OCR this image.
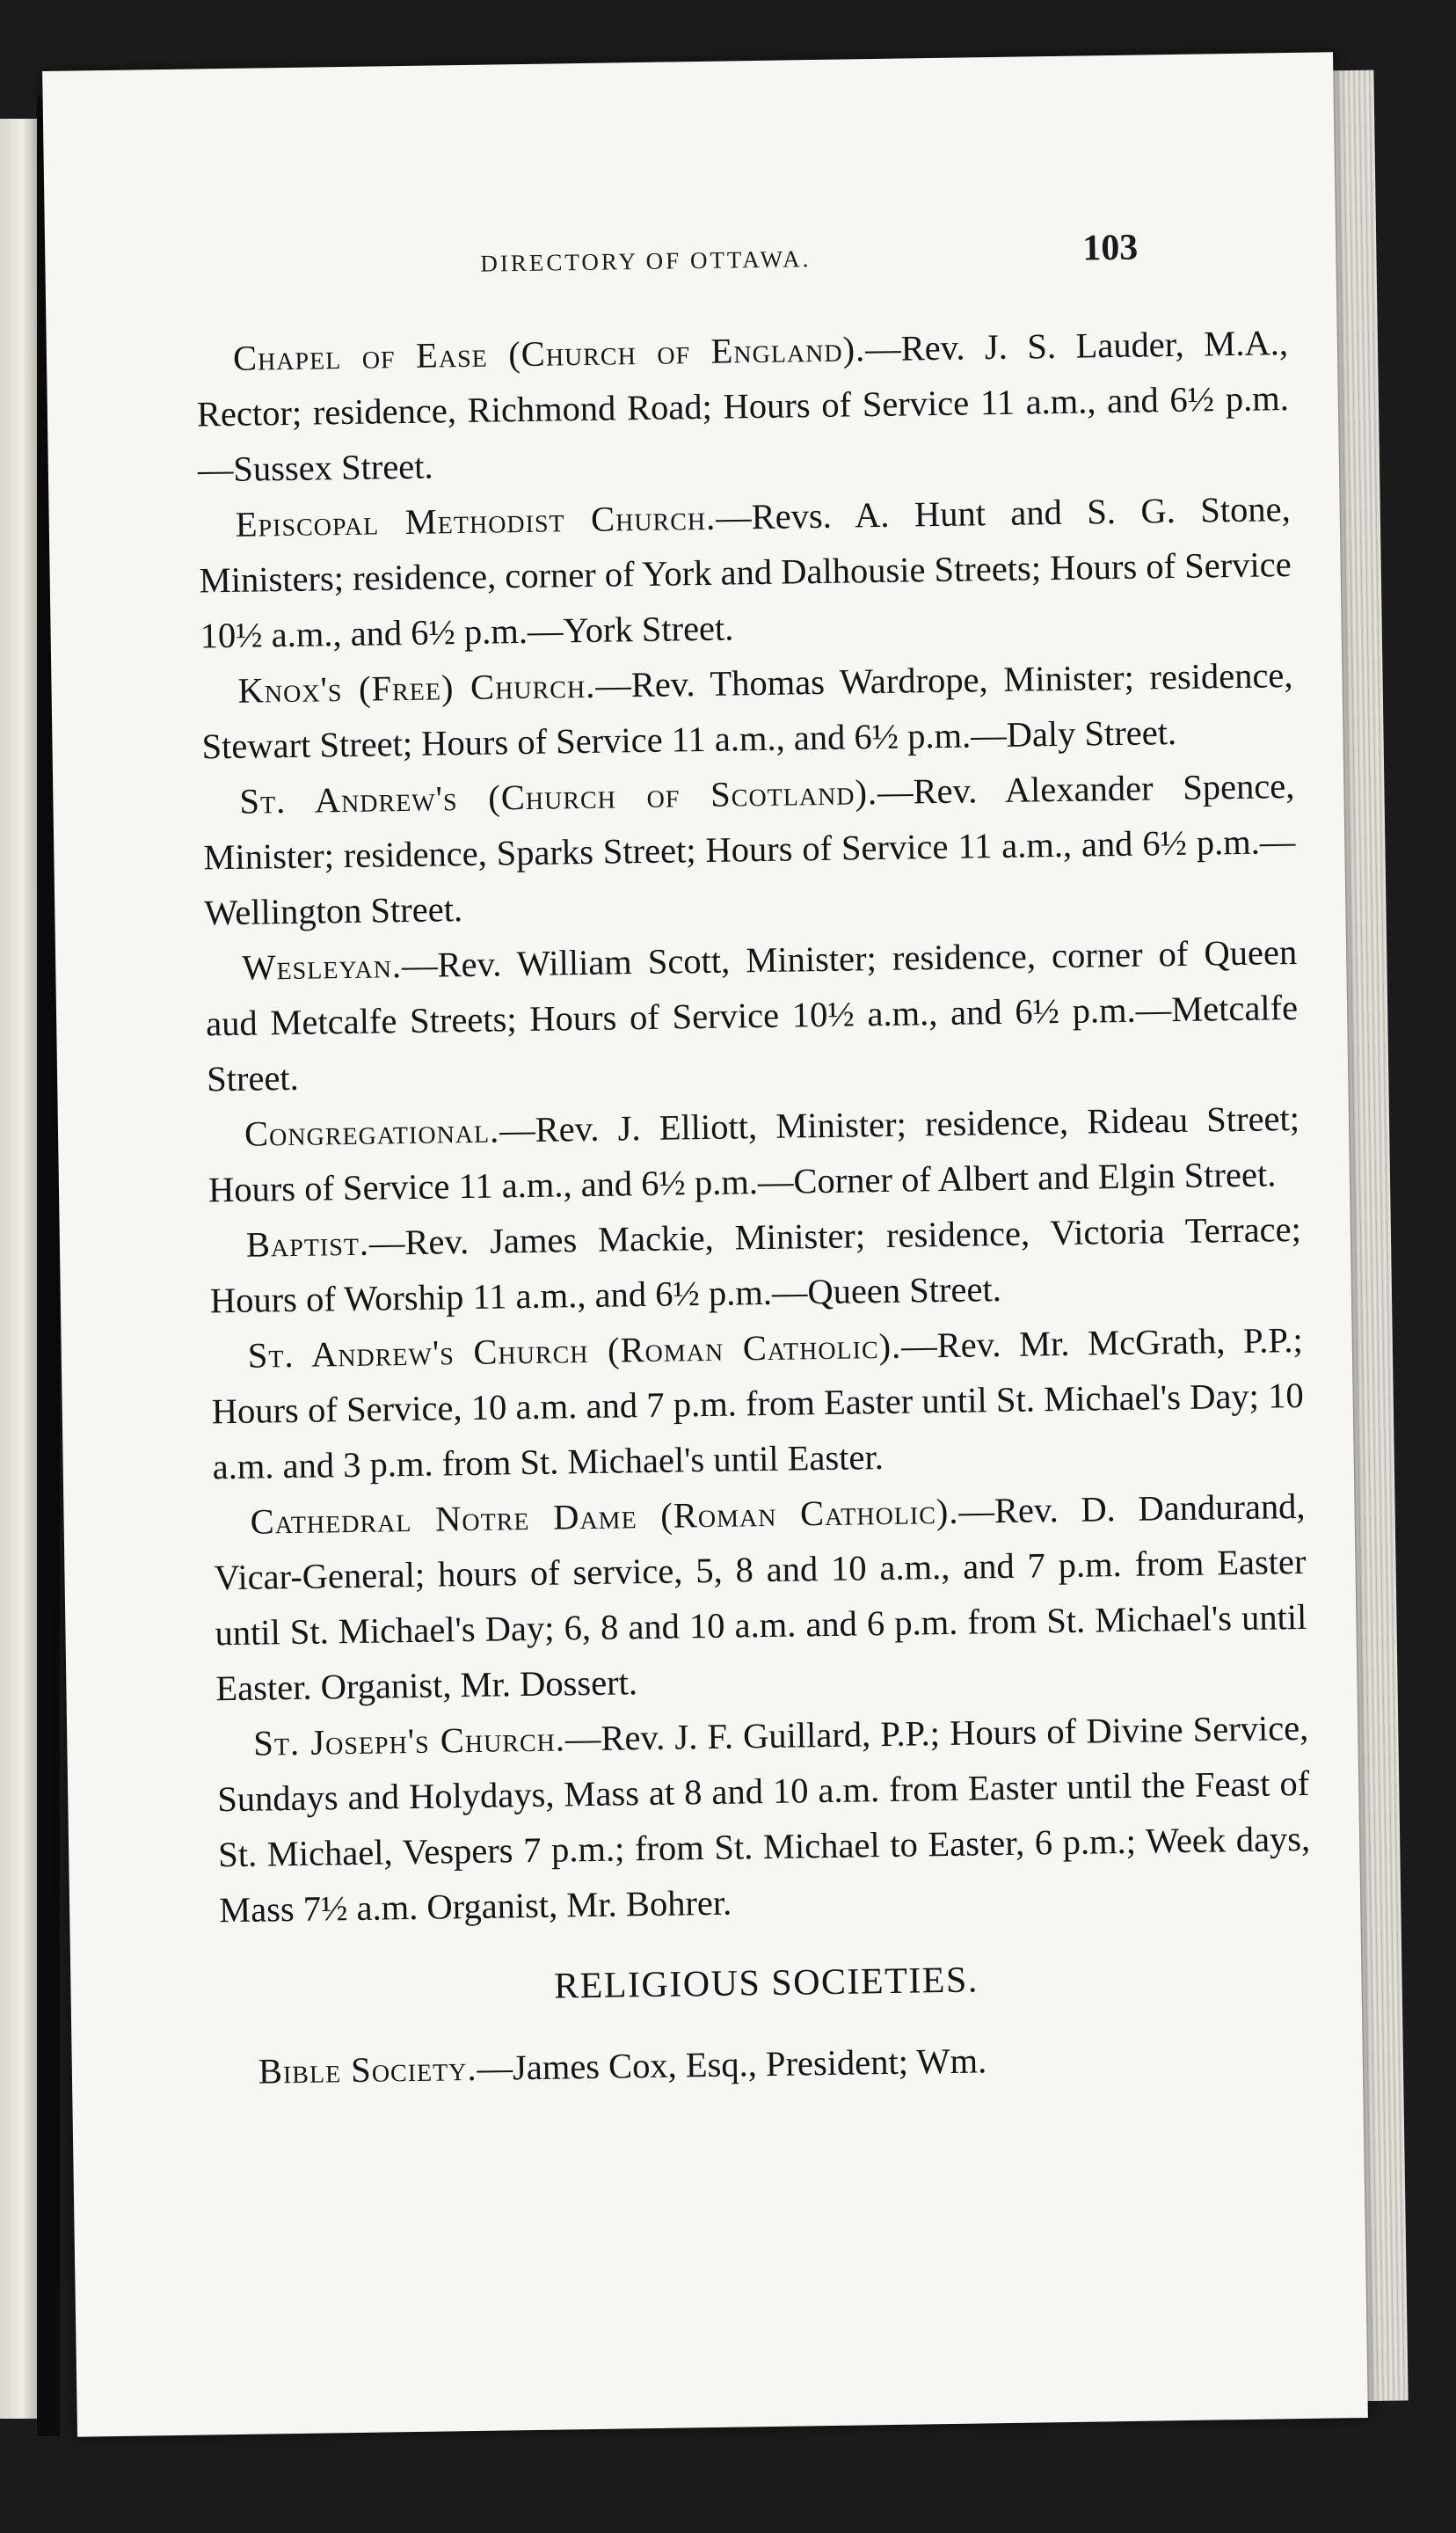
DIRECTORY OF OTTAWA.	103

Chapel of Ease (Church of England).—Rev. J. S. Lauder, M.A., Rector; residence, Richmond Road; Hours of Service 11 a.m., and 6½ p.m.—Sussex Street.

Episcopal Methodist Church.—Revs. A. Hunt and S. G. Stone, Ministers; residence, corner of York and Dalhousie Streets; Hours of Service 10½ a.m., and 6½ p.m.—York Street.

Knox's (Free) Church.—Rev. Thomas Wardrope, Minister; residence, Stewart Street; Hours of Service 11 a.m., and 6½ p.m.—Daly Street.

St. Andrew's (Church of Scotland).—Rev. Alexander Spence, Minister; residence, Sparks Street; Hours of Service 11 a.m., and 6½ p.m.—Wellington Street.

Wesleyan.—Rev. William Scott, Minister; residence, corner of Queen aud Metcalfe Streets; Hours of Service 10½ a.m., and 6½ p.m.—Metcalfe Street.

Congregational.—Rev. J. Elliott, Minister; residence, Rideau Street; Hours of Service 11 a.m., and 6½ p.m.—Corner of Albert and Elgin Street.

Baptist.—Rev. James Mackie, Minister; residence, Victoria Terrace; Hours of Worship 11 a.m., and 6½ p.m.—Queen Street.

St. Andrew's Church (Roman Catholic).—Rev. Mr. McGrath, P.P.; Hours of Service, 10 a.m. and 7 p.m. from Easter until St. Michael's Day; 10 a.m. and 3 p.m. from St. Michael's until Easter.

Cathedral Notre Dame (Roman Catholic).—Rev. D. Dandurand, Vicar-General; hours of service, 5, 8 and 10 a.m., and 7 p.m. from Easter until St. Michael's Day; 6, 8 and 10 a.m. and 6 p.m. from St. Michael's until Easter. Organist, Mr. Dossert.

St. Joseph's Church.—Rev. J. F. Guillard, P.P.; Hours of Divine Service, Sundays and Holydays, Mass at 8 and 10 a.m. from Easter until the Feast of St. Michael, Vespers 7 p.m.; from St. Michael to Easter, 6 p.m.; Week days, Mass 7½ a.m. Organist, Mr. Bohrer.

RELIGIOUS SOCIETIES.

Bible Society.—James Cox, Esq., President; Wm.
